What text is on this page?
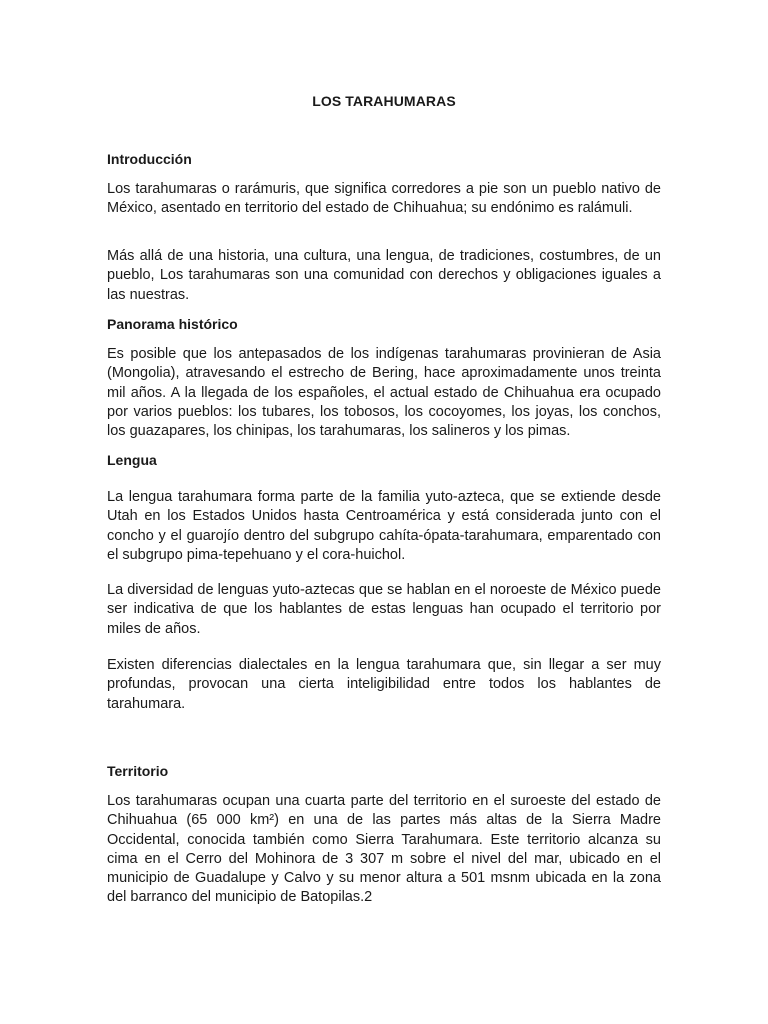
LOS TARAHUMARAS
Introducción

Los tarahumaras o rarámuris, que significa corredores a pie son un pueblo nativo de México, asentado en territorio del estado de Chihuahua; su endónimo es ralámuli.

Más allá de una historia, una cultura, una lengua, de tradiciones, costumbres, de un pueblo, Los tarahumaras son una comunidad con derechos y obligaciones iguales a las nuestras.

Panorama histórico

Es posible que los antepasados de los indígenas tarahumaras provinieran de Asia (Mongolia), atravesando el estrecho de Bering, hace aproximadamente unos treinta mil años. A la llegada de los españoles, el actual estado de Chihuahua era ocupado por varios pueblos: los tubares, los tobosos, los cocoyomes, los joyas, los conchos, los guazapares, los chinipas, los tarahumaras, los salineros y los pimas.

Lengua

La lengua tarahumara forma parte de la familia yuto-azteca, que se extiende desde Utah en los Estados Unidos hasta Centroamérica y está considerada junto con el concho y el guarojío dentro del subgrupo cahíta-ópata-tarahumara, emparentado con el subgrupo pima-tepehuano y el cora-huichol.

La diversidad de lenguas yuto-aztecas que se hablan en el noroeste de México puede ser indicativa de que los hablantes de estas lenguas han ocupado el territorio por miles de años.

Existen diferencias dialectales en la lengua tarahumara que, sin llegar a ser muy profundas, provocan una cierta inteligibilidad entre todos los hablantes de tarahumara.

Territorio

Los tarahumaras ocupan una cuarta parte del territorio en el suroeste del estado de Chihuahua (65 000 km²) en una de las partes más altas de la Sierra Madre Occidental, conocida también como Sierra Tarahumara. Este territorio alcanza su cima en el Cerro del Mohinora de 3 307 m sobre el nivel del mar, ubicado en el municipio de Guadalupe y Calvo y su menor altura a 501 msnm ubicada en la zona del barranco del municipio de Batopilas.2
